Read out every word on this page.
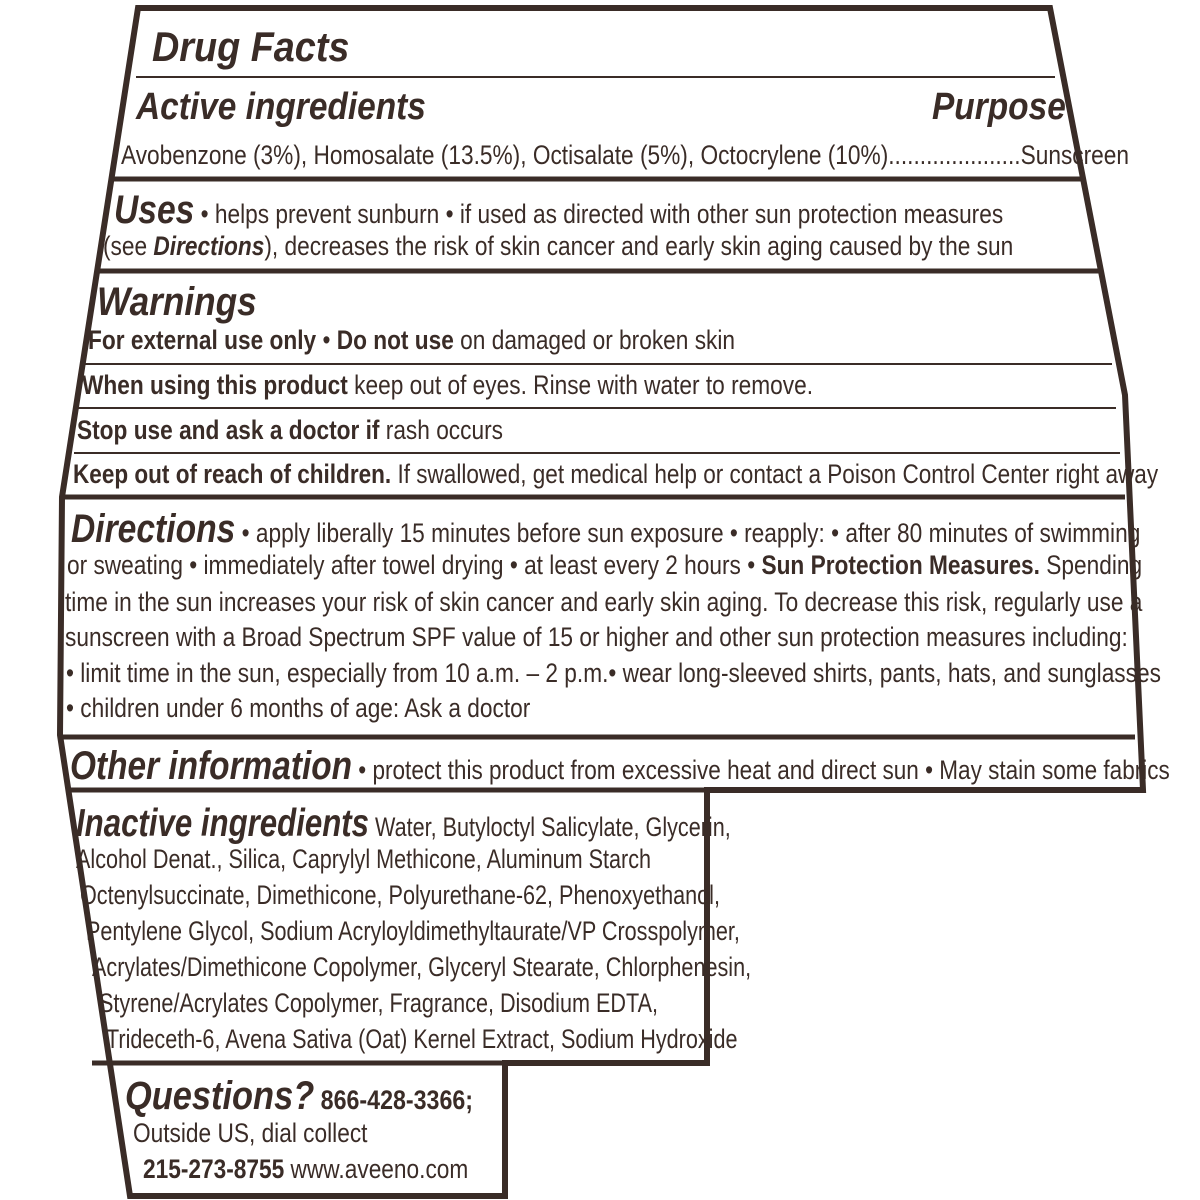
Drug Facts
Active ingredients	Purpose
Avobenzone (3%), Homosalate (13.5%), Octisalate (5%), Octocrylene (10%).....................Sunscreen
Uses • helps prevent sunburn • if used as directed with other sun protection measures
(see Directions), decreases the risk of skin cancer and early skin aging caused by the sun
Warnings
For external use only • Do not use on damaged or broken skin
When using this product keep out of eyes. Rinse with water to remove.
Stop use and ask a doctor if rash occurs
Keep out of reach of children. If swallowed, get medical help or contact a Poison Control Center right away
Directions • apply liberally 15 minutes before sun exposure • reapply: • after 80 minutes of swimming
or sweating • immediately after towel drying • at least every 2 hours • Sun Protection Measures. Spending
time in the sun increases your risk of skin cancer and early skin aging. To decrease this risk, regularly use a
sunscreen with a Broad Spectrum SPF value of 15 or higher and other sun protection measures including:
• limit time in the sun, especially from 10 a.m. – 2 p.m.• wear long-sleeved shirts, pants, hats, and sunglasses
• children under 6 months of age: Ask a doctor
Other information • protect this product from excessive heat and direct sun • May stain some fabrics
Inactive ingredients Water, Butyloctyl Salicylate, Glycerin,
Alcohol Denat., Silica, Caprylyl Methicone, Aluminum Starch
Octenylsuccinate, Dimethicone, Polyurethane-62, Phenoxyethanol,
Pentylene Glycol, Sodium Acryloyldimethyltaurate/VP Crosspolymer,
Acrylates/Dimethicone Copolymer, Glyceryl Stearate, Chlorphenesin,
Styrene/Acrylates Copolymer, Fragrance, Disodium EDTA,
Trideceth-6, Avena Sativa (Oat) Kernel Extract, Sodium Hydroxide
Questions? 866-428-3366;
Outside US, dial collect
215-273-8755 www.aveeno.com
